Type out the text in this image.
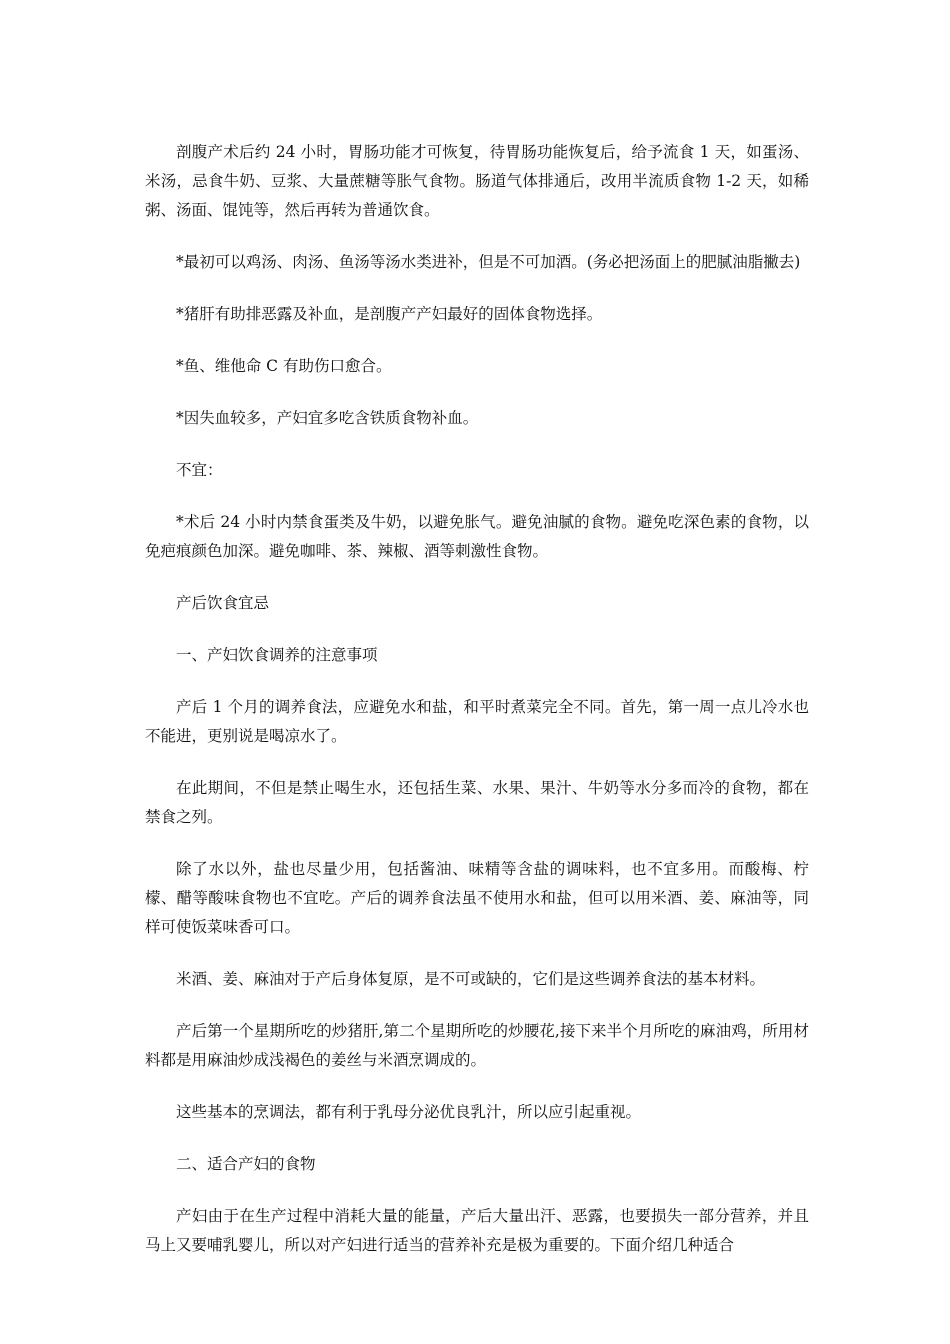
剖腹产术后约 24 小时，胃肠功能才可恢复，待胃肠功能恢复后，给予流食 1 天，如蛋汤、米汤，忌食牛奶、豆浆、大量蔗糖等胀气食物。肠道气体排通后，改用半流质食物 1-2 天，如稀粥、汤面、馄饨等，然后再转为普通饮食。

*最初可以鸡汤、肉汤、鱼汤等汤水类进补，但是不可加酒。(务必把汤面上的肥腻油脂撇去)

*猪肝有助排恶露及补血，是剖腹产产妇最好的固体食物选择。

*鱼、维他命 C 有助伤口愈合。

*因失血较多，产妇宜多吃含铁质食物补血。

不宜：

*术后 24 小时内禁食蛋类及牛奶，以避免胀气。避免油腻的食物。避免吃深色素的食物，以免疤痕颜色加深。避免咖啡、茶、辣椒、酒等刺激性食物。

产后饮食宜忌

一、产妇饮食调养的注意事项

产后 1 个月的调养食法，应避免水和盐，和平时煮菜完全不同。首先，第一周一点儿冷水也不能进，更别说是喝凉水了。

在此期间，不但是禁止喝生水，还包括生菜、水果、果汁、牛奶等水分多而冷的食物，都在禁食之列。

除了水以外，盐也尽量少用，包括酱油、味精等含盐的调味料，也不宜多用。而酸梅、柠檬、醋等酸味食物也不宜吃。产后的调养食法虽不使用水和盐，但可以用米酒、姜、麻油等，同样可使饭菜味香可口。

米酒、姜、麻油对于产后身体复原，是不可或缺的，它们是这些调养食法的基本材料。

产后第一个星期所吃的炒猪肝,第二个星期所吃的炒腰花,接下来半个月所吃的麻油鸡，所用材料都是用麻油炒成浅褐色的姜丝与米酒烹调成的。

这些基本的烹调法，都有利于乳母分泌优良乳汁，所以应引起重视。

二、适合产妇的食物

产妇由于在生产过程中消耗大量的能量，产后大量出汗、恶露，也要损失一部分营养，并且马上又要哺乳婴儿，所以对产妇进行适当的营养补充是极为重要的。下面介绍几种适合
